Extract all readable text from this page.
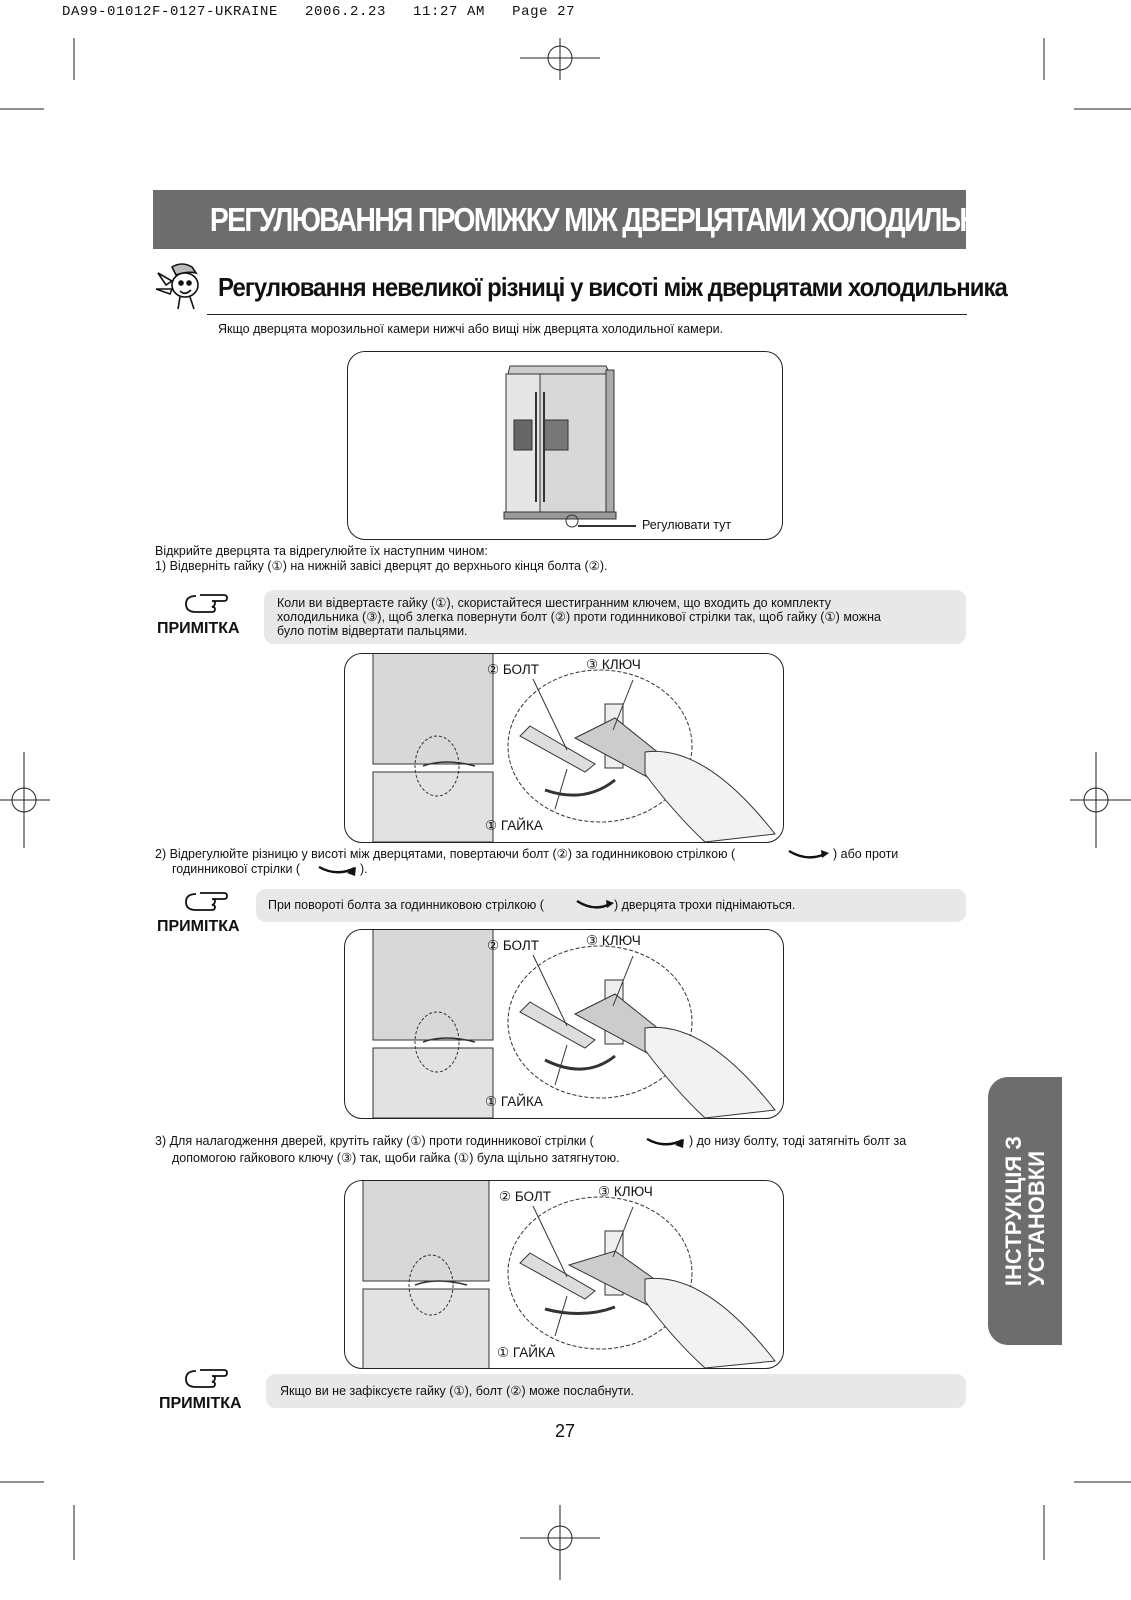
DA99-01012F-0127-UKRAINE   2006.2.23   11:27 AM   Page 27
РЕГУЛЮВАННЯ ПРОМІЖКУ МІЖ ДВЕРЦЯТАМИ ХОЛОДИЛЬНИКА
Регулювання невеликої різниці у висоті між дверцятами холодильника
Якщо дверцята морозильної камери нижчі або вищі ніж дверцята холодильної камери.
Регулювати тут
Відкрийте дверцята та відрегулюйте їх наступним чином:
1) Відверніть гайку (①) на нижній завісі дверцят до верхнього кінця болта (②).
ПРИМІТКА
Коли ви відвертаєте гайку (①), скористайтеся шестигранним ключем, що входить до комплекту
холодильника (③), щоб злегка повернути болт (②) проти годинникової стрілки так, щоб гайку (①) можна
було потім відвертати пальцями.
② БОЛТ	③ КЛЮЧ
① ГАЙКА
2) Відрегулюйте різницю у висоті між дверцятами, повертаючи болт (②) за годинниковою стрілкою (	) або проти
годинникової стрілки (	).
ПРИМІТКА
При повороті болта за годинниковою стрілкою (	) дверцята трохи піднімаються.
② БОЛТ	③ КЛЮЧ
① ГАЙКА
3) Для налагодження дверей, крутіть гайку (①) проти годинникової стрілки (	) до низу болту, тоді затягніть болт за
допомогою гайкового ключу (③) так, щоби гайка (①) була щільно затягнутою.
② БОЛТ	③ КЛЮЧ
① ГАЙКА
ПРИМІТКА
Якщо ви не зафіксуєте гайку (①), болт (②) може послабнути.
ІНСТРУКЦІЯ З
УСТАНОВКИ
27
